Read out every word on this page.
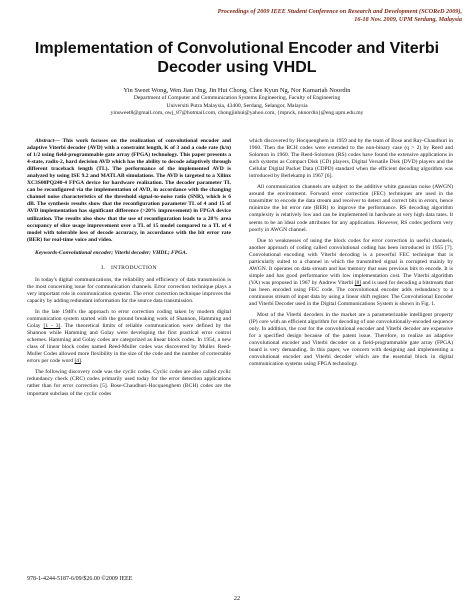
Proceedings of 2009 IEEE Student Conference on Research and Development (SCOReD 2009),
16-18 Nov. 2009, UPM Serdang, Malaysia
Implementation of Convolutional Encoder and Viterbi
Decoder using VHDL
Yin Sweet Wong, Wen Jian Ong, Jin Hui Chong, Chee Kyun Ng, Nor Kamariah Noordin
Department of Computer and Communication Systems Engineering, Faculty of Engineering
Universiti Putra Malaysia, 43400, Serdang, Selangor, Malaysia
yinsweet8@gmail.com, owj_87@hotmail.com, chongjinhui@yahoo.com, {mpnck, nknordin}@eng.upm.edu.my
Abstract— This work focuses on the realization of convolutional encoder and adaptive Viterbi decoder (AVD) with a constraint length, K of 3 and a code rate (k/n) of 1/2 using field-programmable gate array (FPGA) technology. This paper presents a 4-state, radix-2, hard decision AVD which has the ability to decode adaptively through different traceback length (TL). The performance of the implemented AVD is analyzed by using ISE 9.2 and MATLAB simulations. The AVD is targeted to a Xilinx XC3S00PQ240-4 FPGA device for hardware realization. The decoder parameter TL can be reconfigured via the implementation of AVD, in accordance with the changing channel noise characteristics of the threshold signal-to-noise ratio (SNR), which is 6 dB. The synthesis results show that the reconfiguration parameter TL of 4 and 15 of AVD implementation has significant difference (>20% improvement) in FPGA device utilization. The results also show that the use of reconfiguration leads to a 28% area occupancy of slice usage improvement over a TL of 15 model compared to a TL of 4 model with tolerable loss of decode accuracy, in accordance with the bit error rate (BER) for real-time voice and video.
Keywords-Convolutional encoder; Viterbi decoder; VHDL; FPGA.
I. INTRODUCTION

In today's digital communications, the reliability and efficiency of data transmission is the most concerning issue for communication channels. Error correction technique plays a very important role in communication systems. The error correction technique improves the capacity by adding redundant information for the source data transmission.

In the late 1940's the approach to error correction coding taken by modern digital communication system started with the ground breaking work of Shannon, Hamming and Golay [1 - 3]. The theoretical limits of reliable communication were defined by the Shannon while Hamming and Golay were developing the first practical error control schemes. Hamming and Golay codes are categorized as linear block codes. In 1954, a new class of linear block codes named Reed-Muller codes was discovered by Muller. Reed-Muller Codes allowed more flexibility in the size of the code and the number of correctable errors per code word [4].

The following discovery code was the cyclic codes. Cyclic codes are also called cyclic redundancy check (CRC) codes primarily used today for the error detection applications rather than for error correction [5]. Bose-Chaudhuri-Hocquenghem (BCH) codes are the important subclass of the cyclic codes

which discovered by Hocquenghem in 1959 and by the team of Bose and Ray-Chaudhuri in 1960. Then the BCH codes were extended to the non-binary case (q > 2) by Reed and Solomon in 1960. The Reed-Solomon (RS) codes have found the extensive applications in such systems as Compact Disk (CD) players, Digital Versatile Disk (DVD) players and the Cellular Digital Packet Data (CDPD) standard when the efficient decoding algorithm was introduced by Berlekamp in 1967 [6].

All communication channels are subject to the additive white gaussian noise (AWGN) around the environment. Forward error correction (FEC) techniques are used in the transmitter to encode the data stream and receiver to detect and correct bits in errors, hence minimize the bit error rate (BER) to improve the performance. RS decoding algorithm complexity is relatively low and can be implemented in hardware at very high data rates. It seems to be an ideal code attributes for any application. However, RS codes perform very poorly in AWGN channel.

Due to weaknesses of using the block codes for error correction in useful channels, another approach of coding called convolutional coding has been introduced in 1955 [7]. Convolutional encoding with Viterbi decoding is a powerful FEC technique that is particularly suited to a channel in which the transmitted signal is corrupted mainly by AWGN. It operates on data stream and has memory that uses previous bits to encode. It is simple and has good performance with low implementation cost. The Viterbi algorithm (VA) was proposed in 1967 by Andrew Viterbi [8] and is used for decoding a bitstream that has been encoded using FEC code. The convolutional encoder adds redundancy to a continuous stream of input data by using a linear shift register. The Convolutional Encoder and Viterbi Decoder used in the Digital Communications System is shown in Fig. 1.

Most of the Viterbi decoders in the market are a parameterizable intelligent property (IP) core with an efficient algorithm for decoding of one convolutionally-encoded sequence only. In addition, the cost for the convolutional encoder and Viterbi decoder are expensive for a specified design because of the patent issue. Therefore, to realize an adaptive convolutional encoder and Viterbi decoder on a field-programmable gate array (FPGA) board is very demanding. In this paper, we concern with designing and implementing a convolutional encoder and Viterbi decoder which are the essential block in digital communication systems using FPGA technology.

978-1-4244-5187-6/09/$26.00 ©2009 IEEE
22
